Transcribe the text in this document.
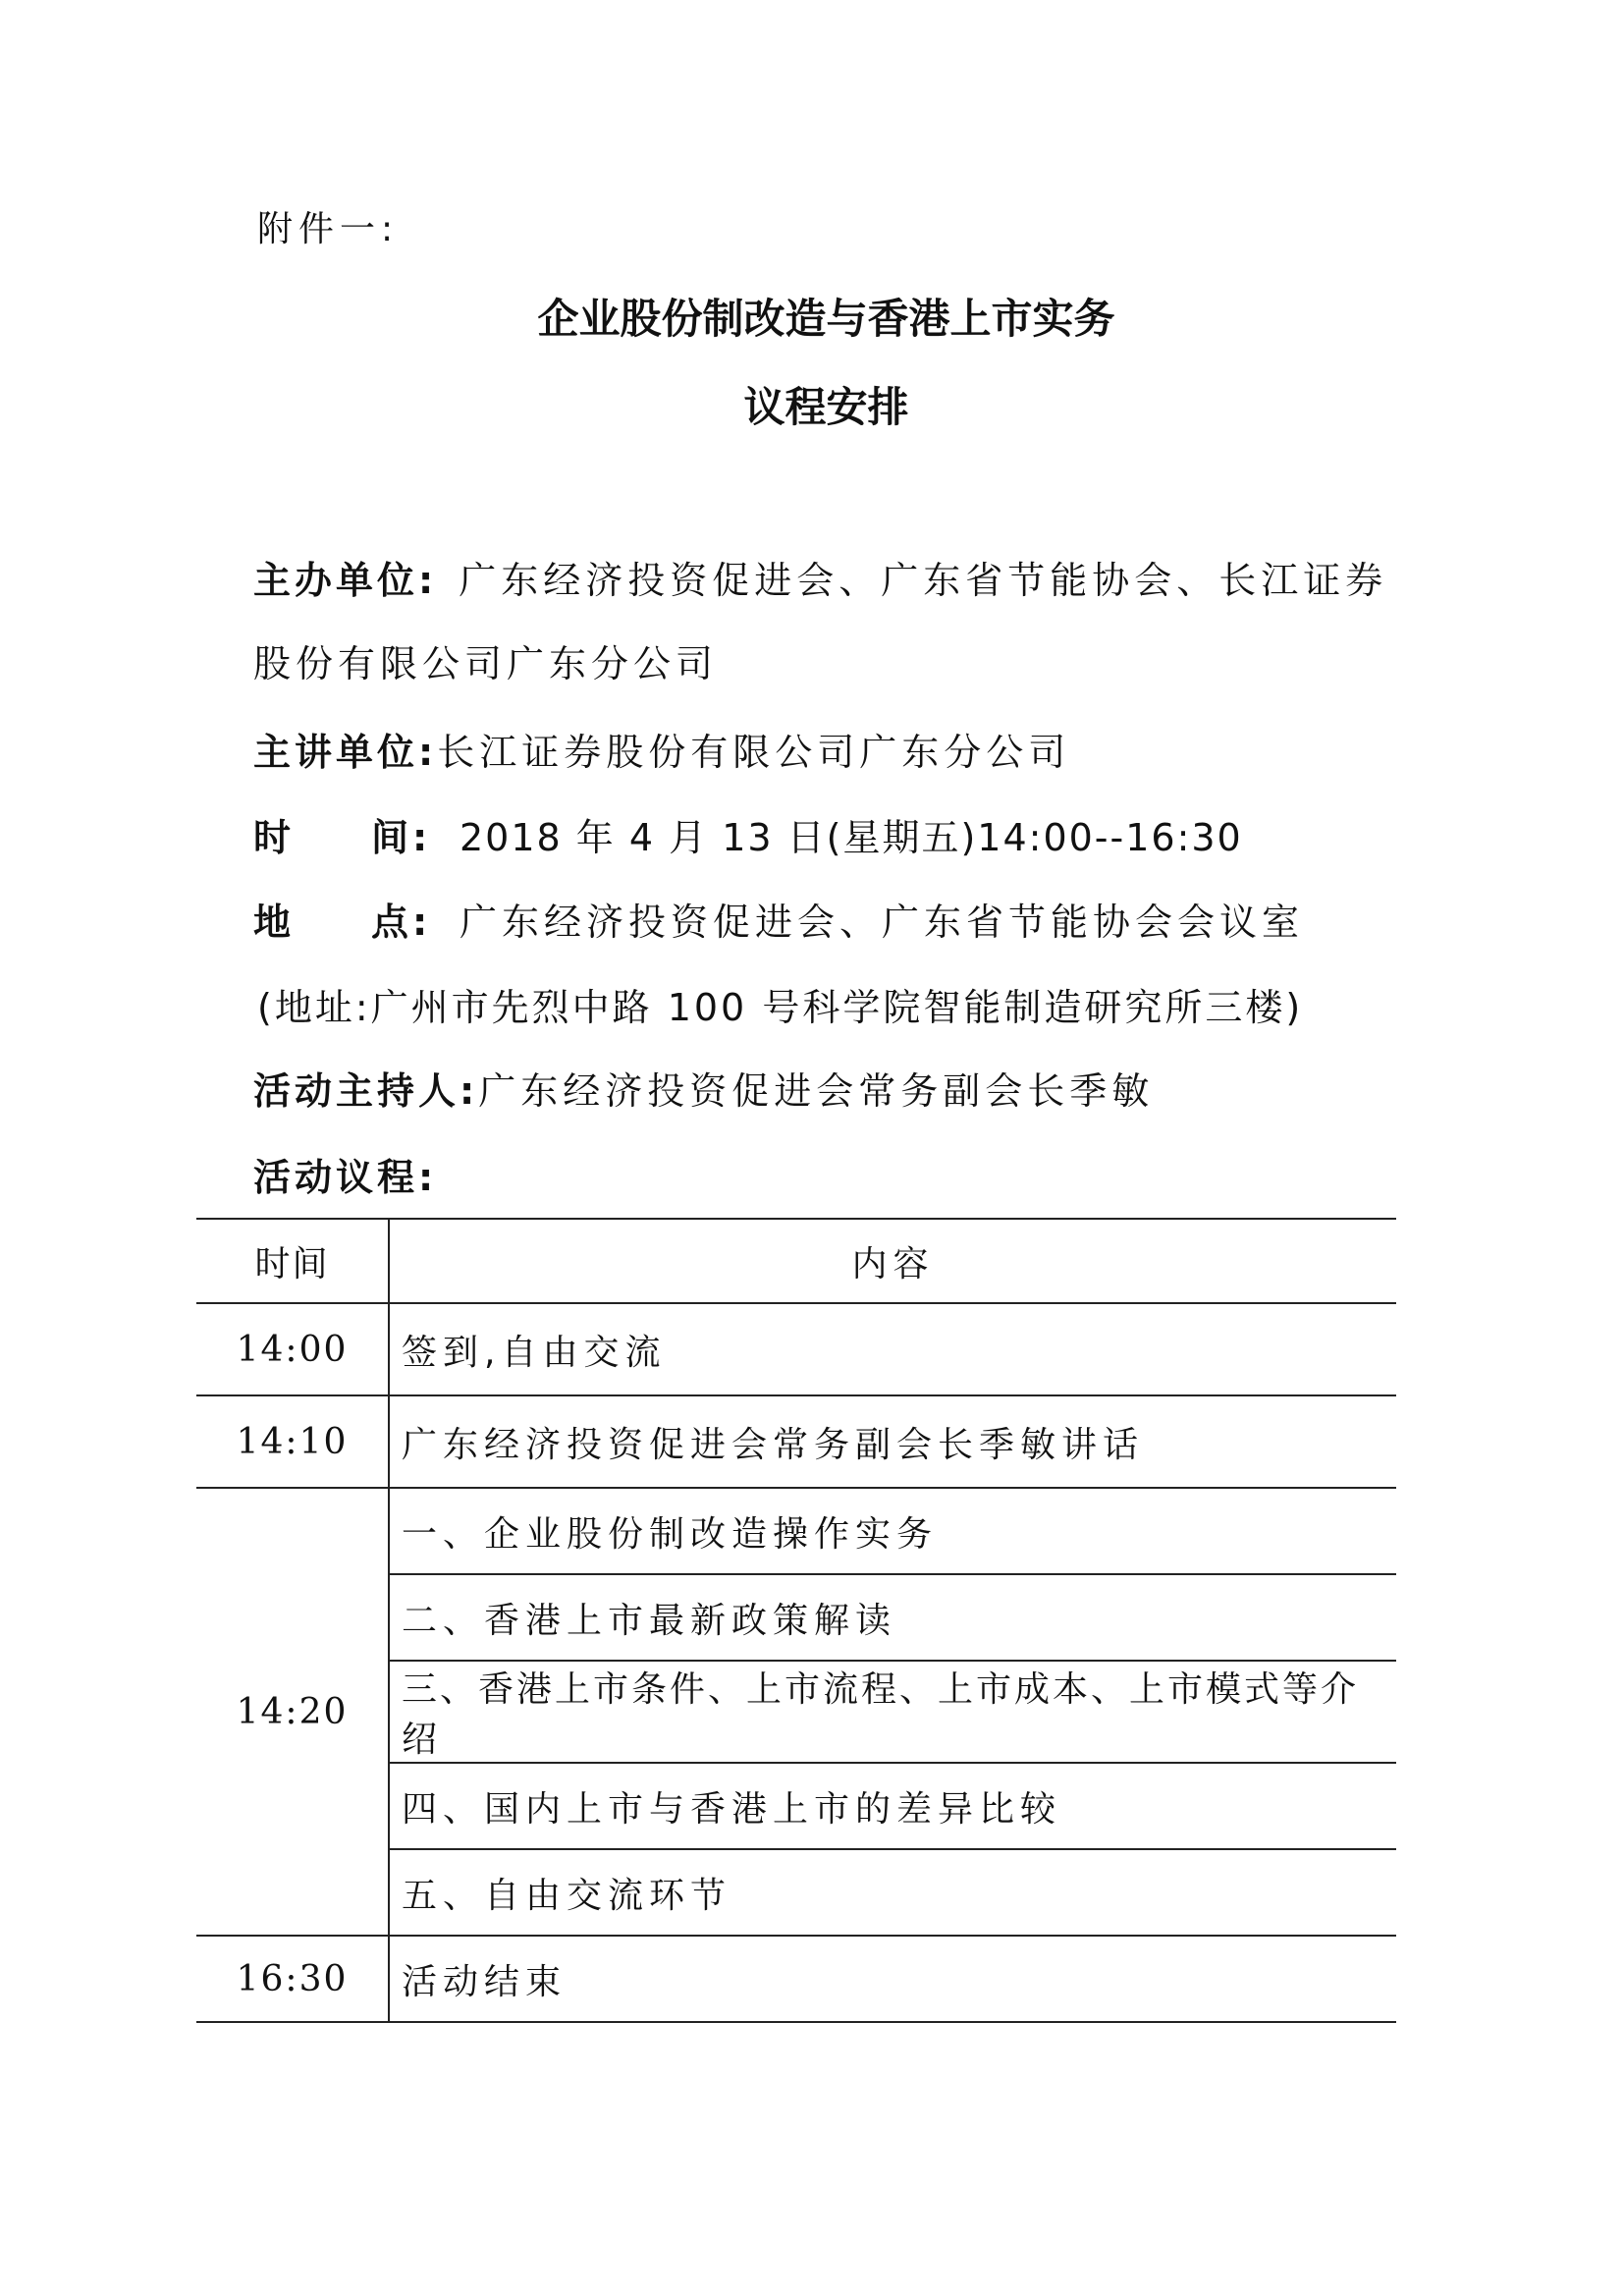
附件一:
企业股份制改造与香港上市实务
议程安排
主办单位: 广东经济投资促进会、广东省节能协会、长江证券
股份有限公司广东分公司
主讲单位:长江证券股份有限公司广东分公司
时 间: 2018 年 4 月 13 日(星期五)14:00--16:30
地 点: 广东经济投资促进会、广东省节能协会会议室
(地址:广州市先烈中路 100 号科学院智能制造研究所三楼)
活动主持人:广东经济投资促进会常务副会长季敏
活动议程:
时间	内容
14:00	签到,自由交流
14:10	广东经济投资促进会常务副会长季敏讲话
14:20	一、企业股份制改造操作实务
	二、香港上市最新政策解读
	三、香港上市条件、上市流程、上市成本、上市模式等介绍
	四、国内上市与香港上市的差异比较
	五、自由交流环节
16:30	活动结束
